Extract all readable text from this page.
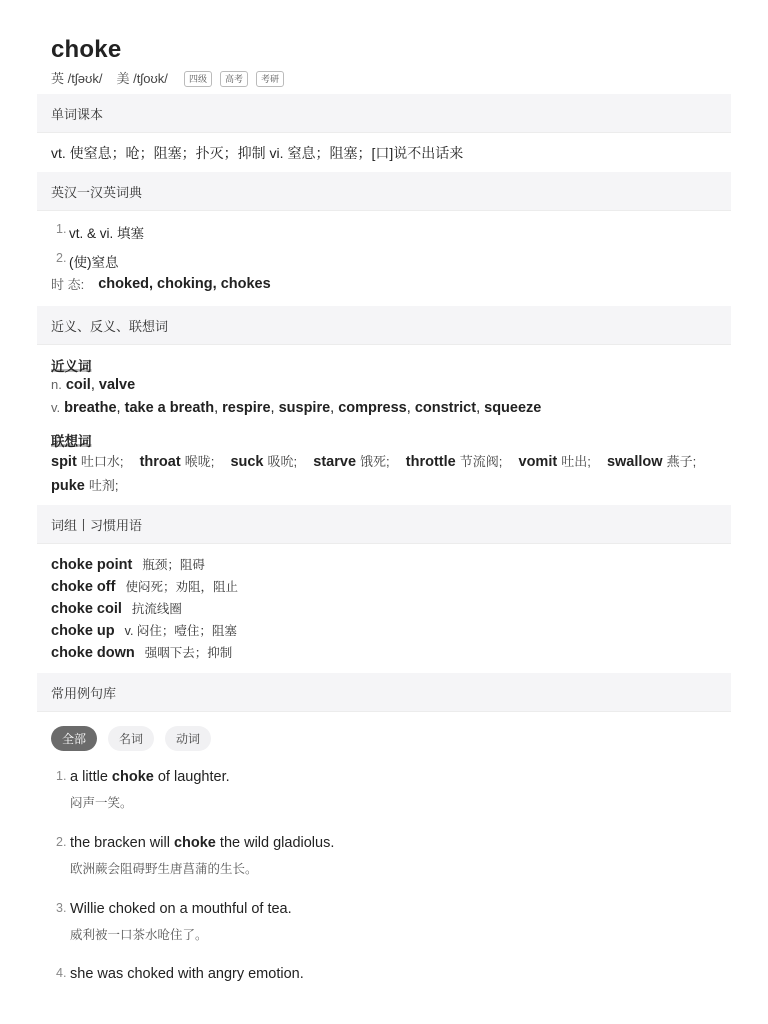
choke
英 /tʃəʊk/ 美 /tʃoʊk/	四级	高考	考研
单词课本
vt. 使窒息；呛；阻塞；扑灭；抑制 vi. 窒息；阻塞；[口]说不出话来
英汉一汉英词典
1. vt. & vi. 填塞
2. (使)窒息
时 态: choked, choking, chokes
近义、反义、联想词
近义词
n. coil, valve
v. breathe, take a breath, respire, suspire, compress, constrict, squeeze
联想词
spit 吐口水; throat 喉咙; suck 吸吮; starve 饿死; throttle 节流阀; vomit 吐出; swallow 燕子;    puke 吐剂;
词组丨习惯用语
choke point 瓶颈；阻碍
choke off 使闷死；劝阻，阻止
choke coil 抗流线圈
choke up v. 闷住；噎住；阻塞
choke down 强咽下去；抑制
常用例句库
全部	名词	动词
1. a little choke of laughter.
闷声一笑。
2. the bracken will choke the wild gladiolus.
欧洲蕨会阻碍野生唐菖蒲的生长。
3. Willie choked on a mouthful of tea.
威利被一口茶水呛住了。
4. she was choked with angry emotion.
